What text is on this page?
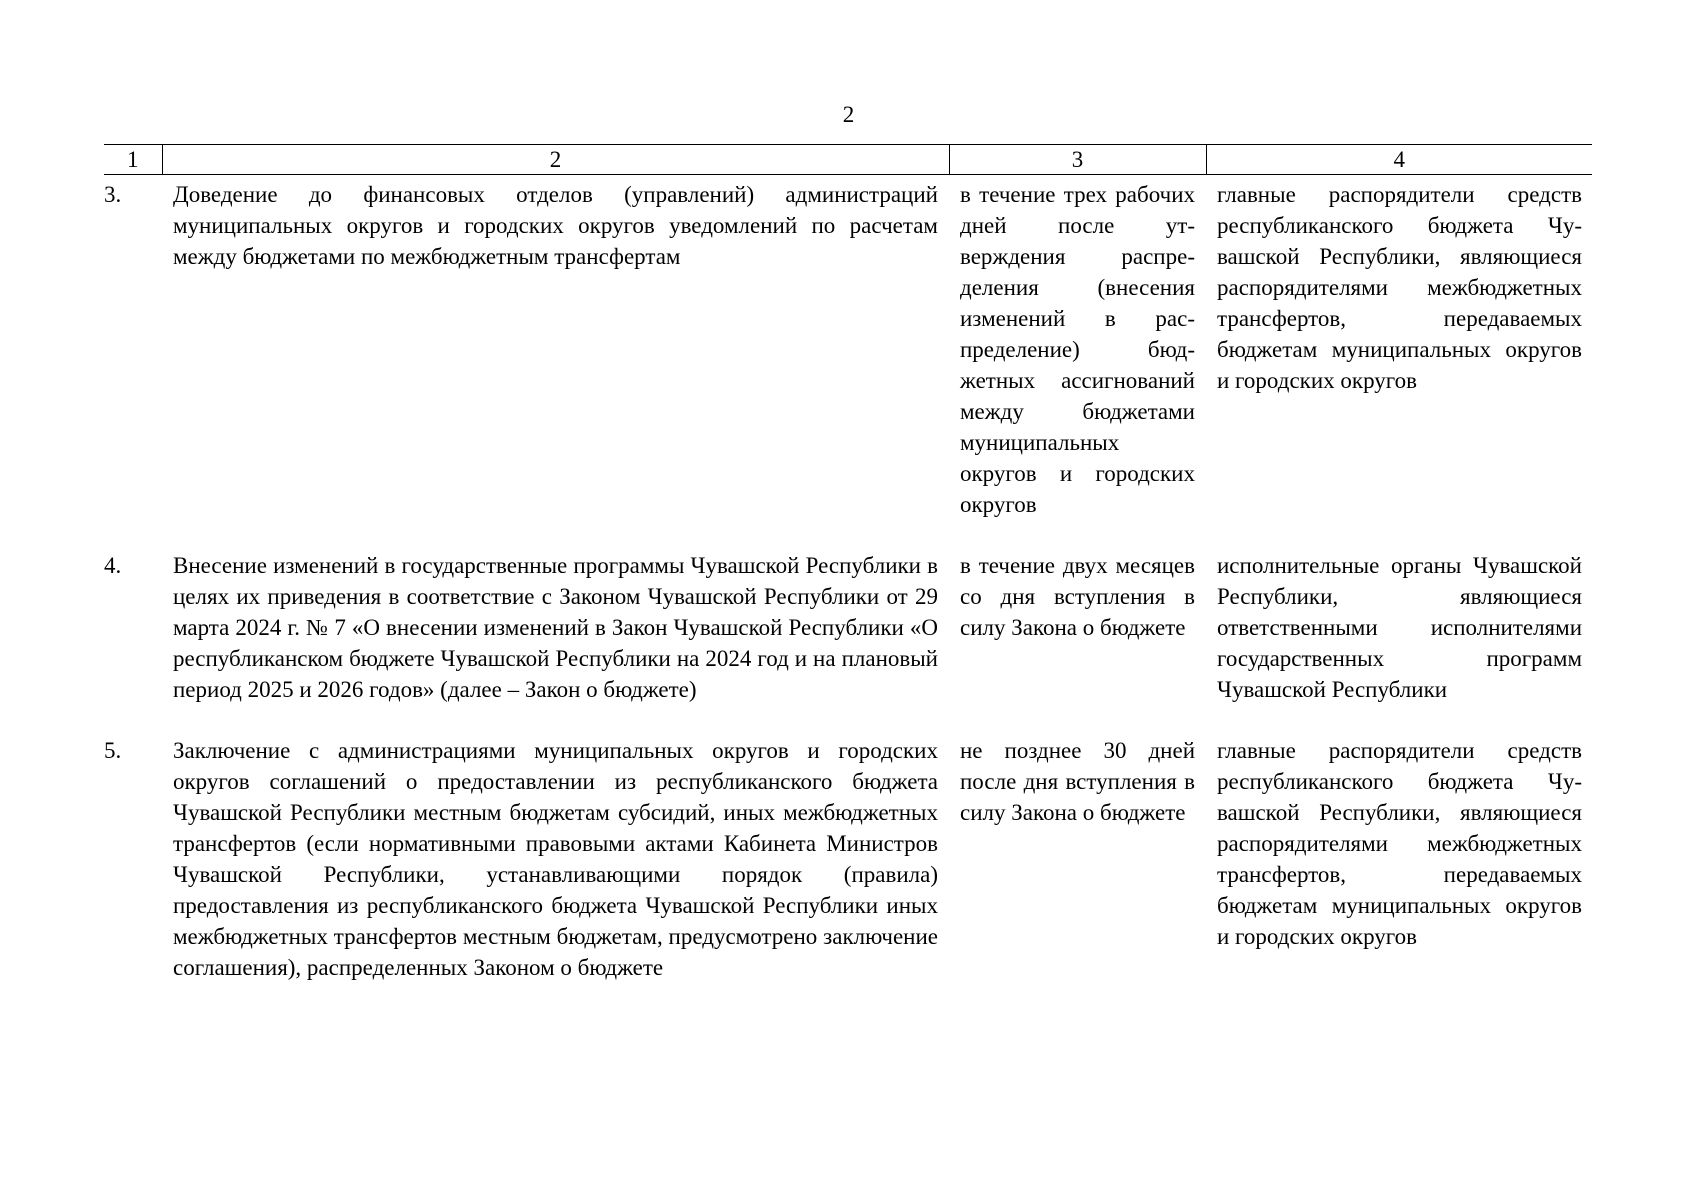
2
1	2	3	4
3.	Доведение до финансовых отделов (управлений) администраций муниципальных округов и городских округов уведомлений по расчетам между бюджетами по межбюджетным трансфертам	в течение трех рабочих дней после утверждения распределения (внесения изменений в распределение) бюджетных ассигнований между бюджетами муниципальных округов и городских округов	главные распорядители средств республиканского бюджета Чувашской Республики, являющиеся распорядителями межбюджетных трансфертов, передаваемых бюджетам муниципальных округов и городских округов

4.	Внесение изменений в государственные программы Чувашской Республики в целях их приведения в соответствие с Законом Чувашской Республики от 29 марта 2024 г. № 7 «О внесении изменений в Закон Чувашской Республики «О республиканском бюджете Чувашской Республики на 2024 год и на плановый период 2025 и 2026 годов» (далее – Закон о бюджете)	в течение двух месяцев со дня вступления в силу Закона о бюджете	исполнительные органы Чувашской Республики, являющиеся ответственными исполнителями государственных программ Чувашской Республики

5.	Заключение с администрациями муниципальных округов и городских округов соглашений о предоставлении из республиканского бюджета Чувашской Республики местным бюджетам субсидий, иных межбюджетных трансфертов (если нормативными правовыми актами Кабинета Министров Чувашской Республики, устанавливающими порядок (правила) предоставления из республиканского бюджета Чувашской Республики иных межбюджетных трансфертов местным бюджетам, предусмотрено заключение соглашения), распределенных Законом о бюджете	не позднее 30 дней после дня вступления в силу Закона о бюджете	главные распорядители средств республиканского бюджета Чувашской Республики, являющиеся распорядителями межбюджетных трансфертов, передаваемых бюджетам муниципальных округов и городских округов
